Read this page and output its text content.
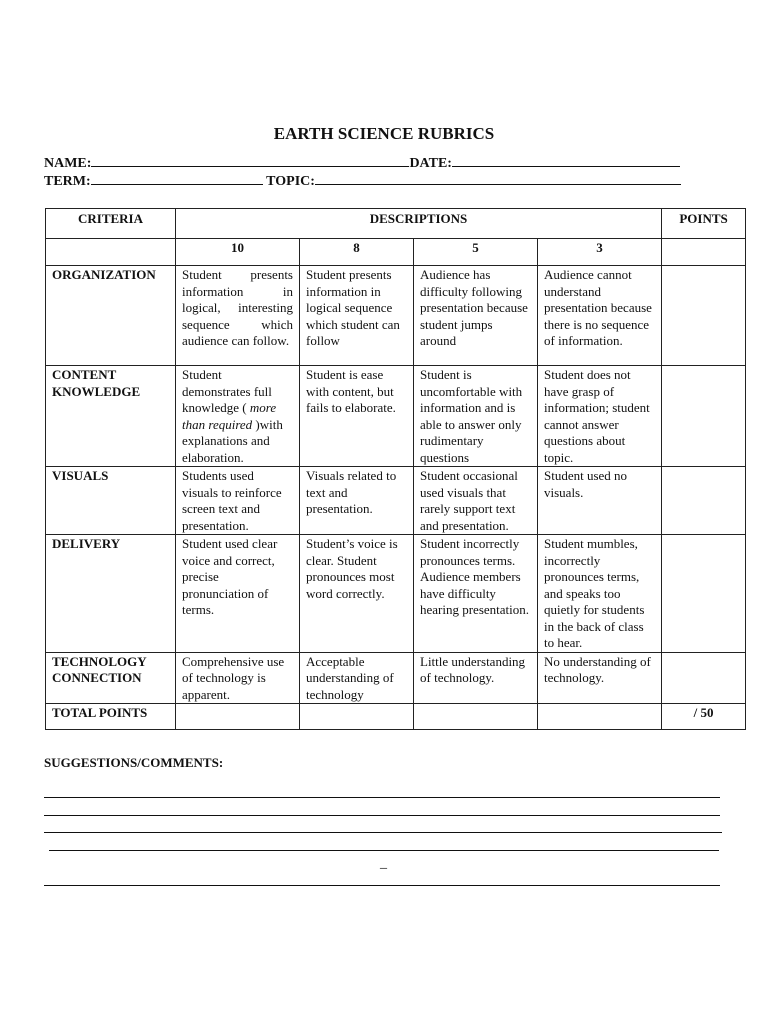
EARTH SCIENCE RUBRICS
NAME:	DATE:
TERM:	TOPIC:
CRITERIA	DESCRIPTIONS				POINTS
	10	8	5	3	
ORGANIZATION	Student presents information in logical, interesting sequence which audience can follow.	Student presents information in logical sequence which student can follow	Audience has difficulty following presentation because student jumps around	Audience cannot understand presentation because there is no sequence of information.	
CONTENT KNOWLEDGE	Student demonstrates full knowledge ( more than required )with explanations and elaboration.	Student is ease with content, but fails to elaborate.	Student is uncomfortable with information and is able to answer only rudimentary questions	Student does not have grasp of information; student cannot answer questions about topic.	
VISUALS	Students used visuals to reinforce screen text and presentation.	Visuals related to text and presentation.	Student occasional used visuals that rarely support text and presentation.	Student used no visuals.	
DELIVERY	Student used clear voice and correct, precise pronunciation of terms.	Student’s voice is clear. Student pronounces most word correctly.	Student incorrectly pronounces terms. Audience members have difficulty hearing presentation.	Student mumbles, incorrectly pronounces terms, and speaks too quietly for students in the back of class to hear.	
TECHNOLOGY CONNECTION	Comprehensive use of technology is apparent.	Acceptable understanding of technology	Little understanding of technology.	No understanding of technology.	
TOTAL POINTS					/ 50
SUGGESTIONS/COMMENTS:
_
